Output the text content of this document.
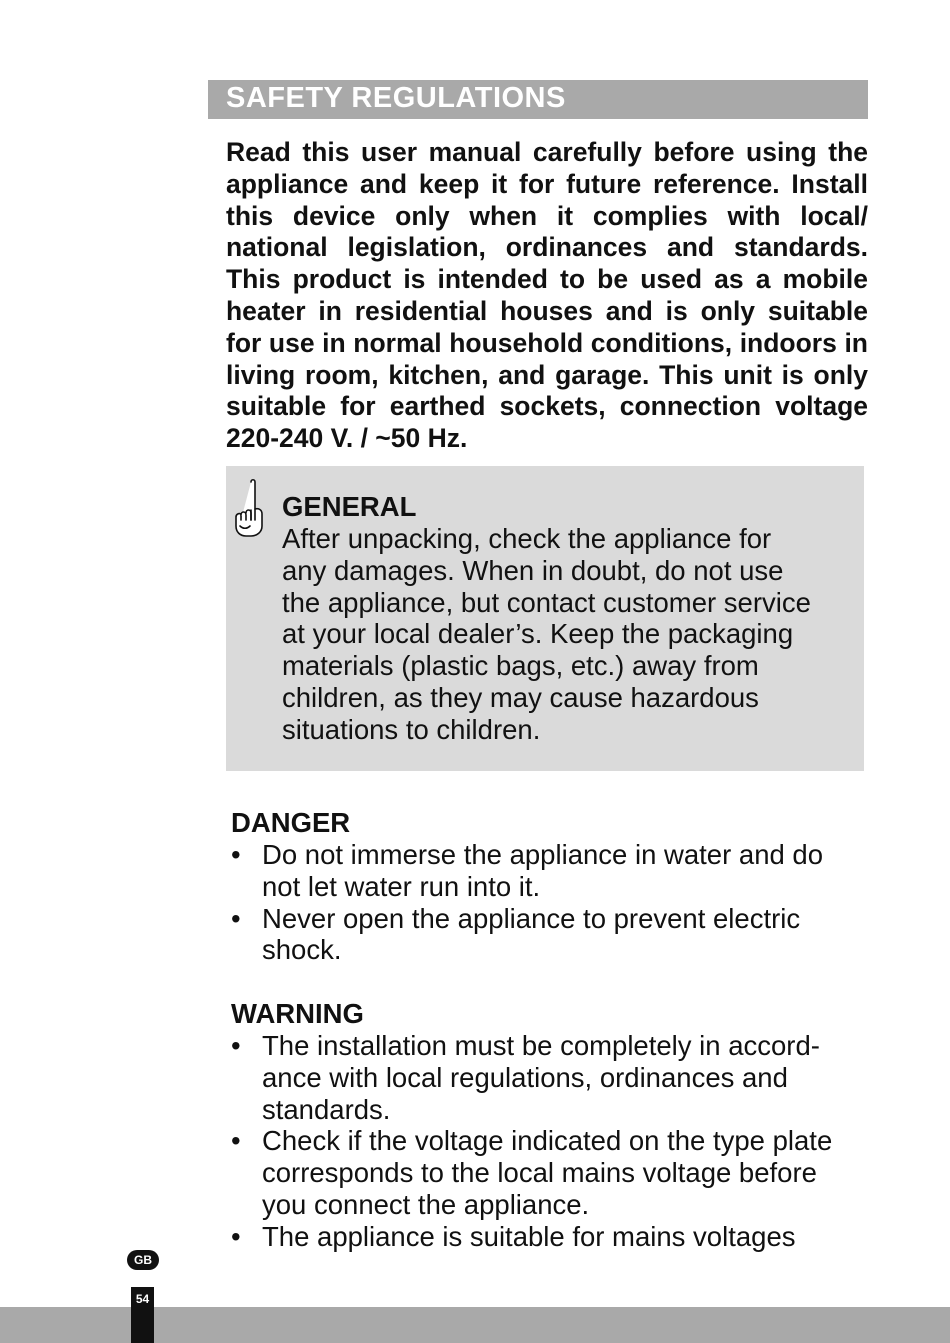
SAFETY REGULATIONS
Read this user manual carefully before using the
appliance and keep it for future reference. Install
this device only when it complies with local/
national legislation, ordinances and standards.
This product is intended to be used as a mobile
heater in residential houses and is only suitable
for use in normal household conditions, indoors in
living room, kitchen, and garage. This unit is only
suitable for earthed sockets, connection voltage
220-240 V. / ~50 Hz.
GENERAL
After unpacking, check the appliance for
any damages. When in doubt, do not use
the appliance, but contact customer service
at your local dealer’s. Keep the packaging
materials (plastic bags, etc.) away from
children, as they may cause hazardous
situations to children.
DANGER
• Do not immerse the appliance in water and do
not let water run into it.
• Never open the appliance to prevent electric
shock.
WARNING
• The installation must be completely in accord-
ance with local regulations, ordinances and
standards.
• Check if the voltage indicated on the type plate
corresponds to the local mains voltage before
you connect the appliance.
• The appliance is suitable for mains voltages
GB
54
